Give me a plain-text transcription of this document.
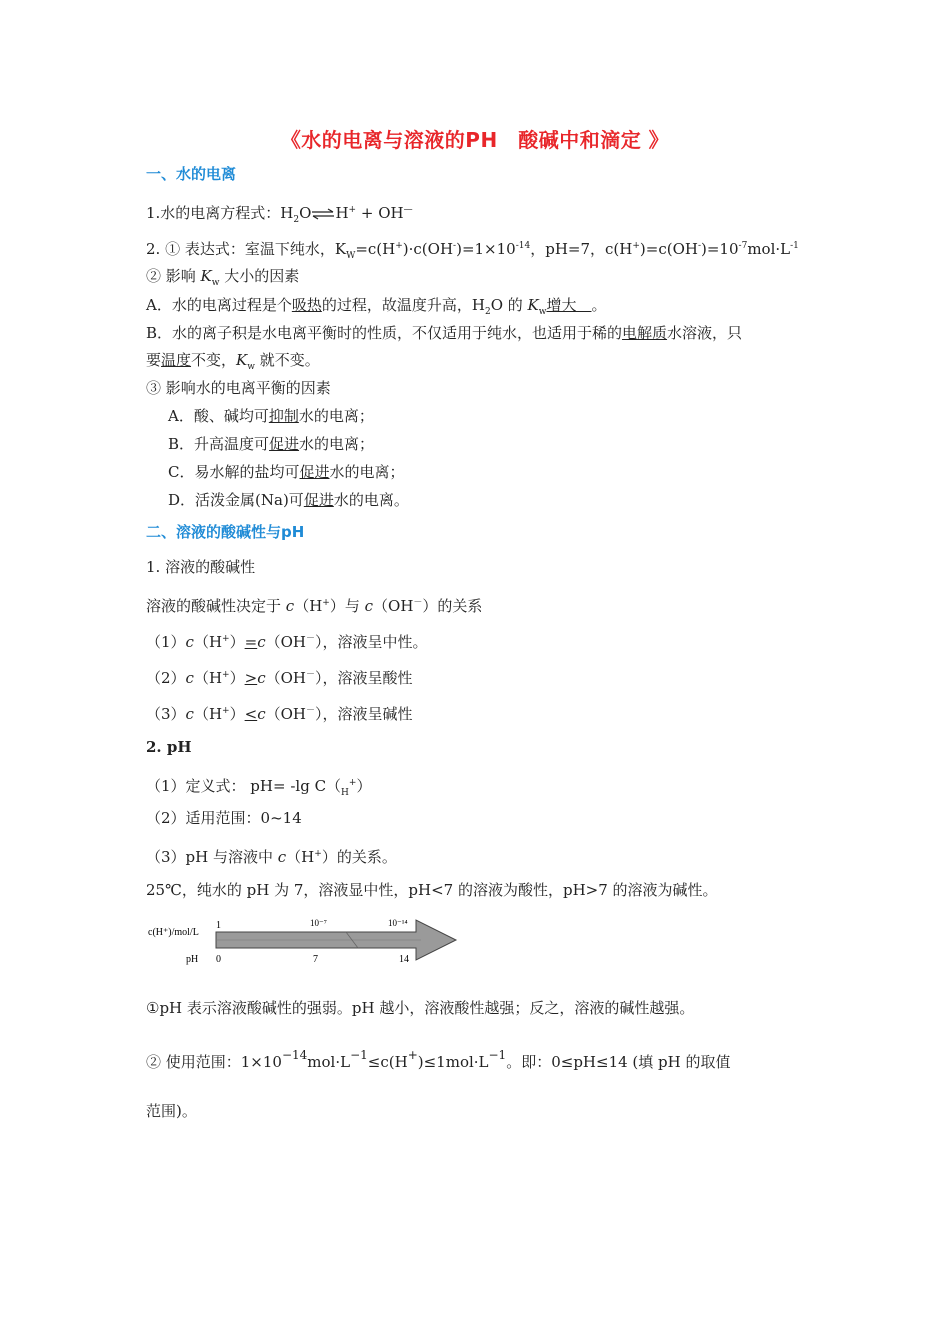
《水的电离与溶液的PH　酸碱中和滴定 》
一、水的电离
1.水的电离方程式：$H_2O\rightleftharpoons H^+ + OH^—$
2. ① 表达式：室温下纯水，$K_W=c(H^+)\cdot c(OH^-)=1\times 10^{-14}$，pH=7，$c(H^+)=c(OH^-)=10^{-7}mol\cdot L^{-1}$
② 影响 $K_w$ 大小的因素
A．水的电离过程是个吸热的过程，故温度升高，$H_2O$ 的 $K_w$增大　。
B．水的离子积是水电离平衡时的性质，不仅适用于纯水，也适用于稀的电解质水溶液，只
要温度不变，$K_w$ 就不变。
③ 影响水的电离平衡的因素
A．酸、碱均可抑制水的电离；
B．升高温度可促进水的电离；
C．易水解的盐均可促进水的电离；
D．活泼金属(Na)可促进水的电离。
二、溶液的酸碱性与pH
1. 溶液的酸碱性
溶液的酸碱性决定于 c（H+）与 c（OH－）的关系
（1）c（H+）=c（OH－），溶液呈中性。
（2）c（H+）>c（OH－），溶液呈酸性
（3）c（H+）<c（OH－），溶液呈碱性
2. pH
（1）定义式： pH= -lg $C(_H^+)$
（2）适用范围：0~14
（3）pH 与溶液中 c（H+）的关系。
25℃，纯水的 pH 为 7，溶液显中性，pH<7 的溶液为酸性，pH>7 的溶液为碱性。
c(H⁺)/mol/L
pH
1	10⁻⁷	10⁻¹⁴
0	7	14
①pH 表示溶液酸碱性的强弱。pH 越小，溶液酸性越强；反之，溶液的碱性越强。
② 使用范围：$1\times 10^{-14}mol\cdot L^{-1}\le c(H^+)\le 1mol\cdot L^{-1}$。即：0≤pH≤14 (填 pH 的取值
范围)。
